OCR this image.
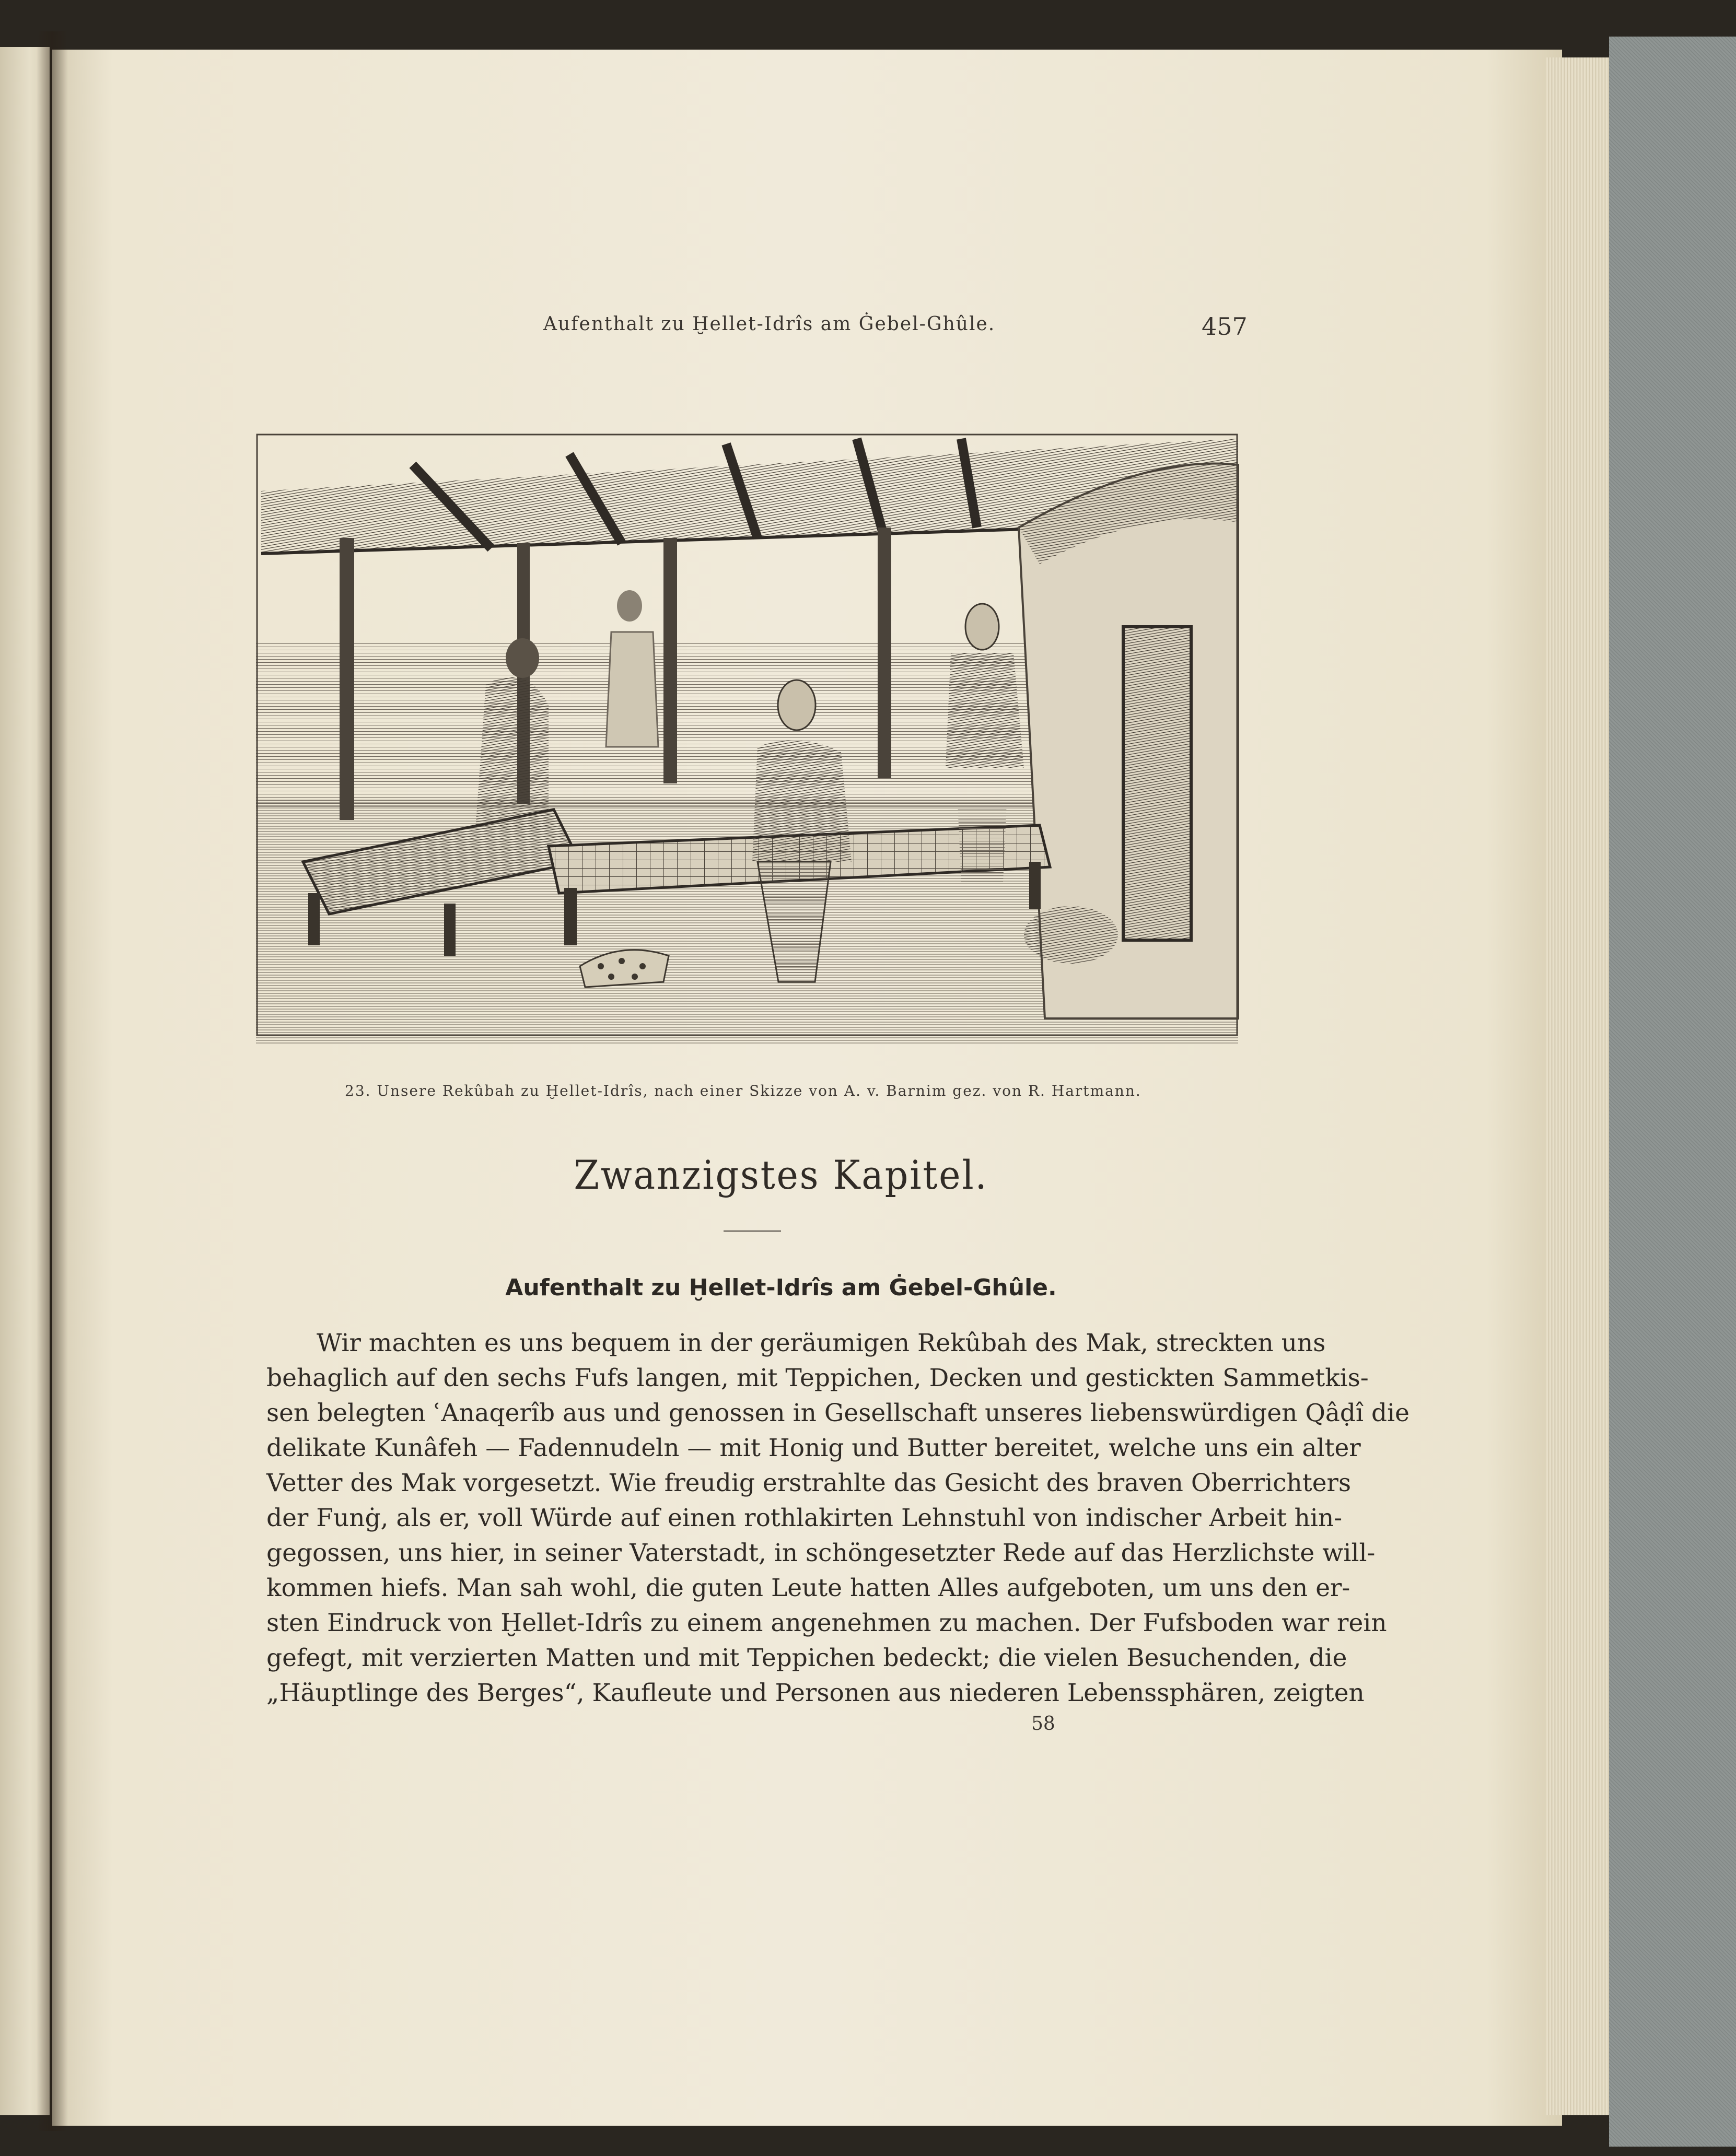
Aufenthalt zu Ḫellet-Idrîs am Ġebel-Ghûle.	457
23. Unsere Rekûbah zu Ḫellet-Idrîs, nach einer Skizze von A. v. Barnim gez. von R. Hartmann.
Zwanzigstes Kapitel.
Aufenthalt zu Ḫellet-Idrîs am Ġebel-Ghûle.
Wir machten es uns bequem in der geräumigen Rekûbah des Mak, streckten uns
behaglich auf den sechs Fufs langen, mit Teppichen, Decken und gestickten Sammetkis-
sen belegten ʿAnaqerîb aus und genossen in Gesellschaft unseres liebenswürdigen Qâḍî die
delikate Kunâfeh — Fadennudeln — mit Honig und Butter bereitet, welche uns ein alter
Vetter des Mak vorgesetzt. Wie freudig erstrahlte das Gesicht des braven Oberrichters
der Funġ, als er, voll Würde auf einen rothlakirten Lehnstuhl von indischer Arbeit hin-
gegossen, uns hier, in seiner Vaterstadt, in schöngesetzter Rede auf das Herzlichste will-
kommen hiefs. Man sah wohl, die guten Leute hatten Alles aufgeboten, um uns den er-
sten Eindruck von Ḫellet-Idrîs zu einem angenehmen zu machen. Der Fufsboden war rein
gefegt, mit verzierten Matten und mit Teppichen bedeckt; die vielen Besuchenden, die
„Häuptlinge des Berges“, Kaufleute und Personen aus niederen Lebenssphären, zeigten
58
